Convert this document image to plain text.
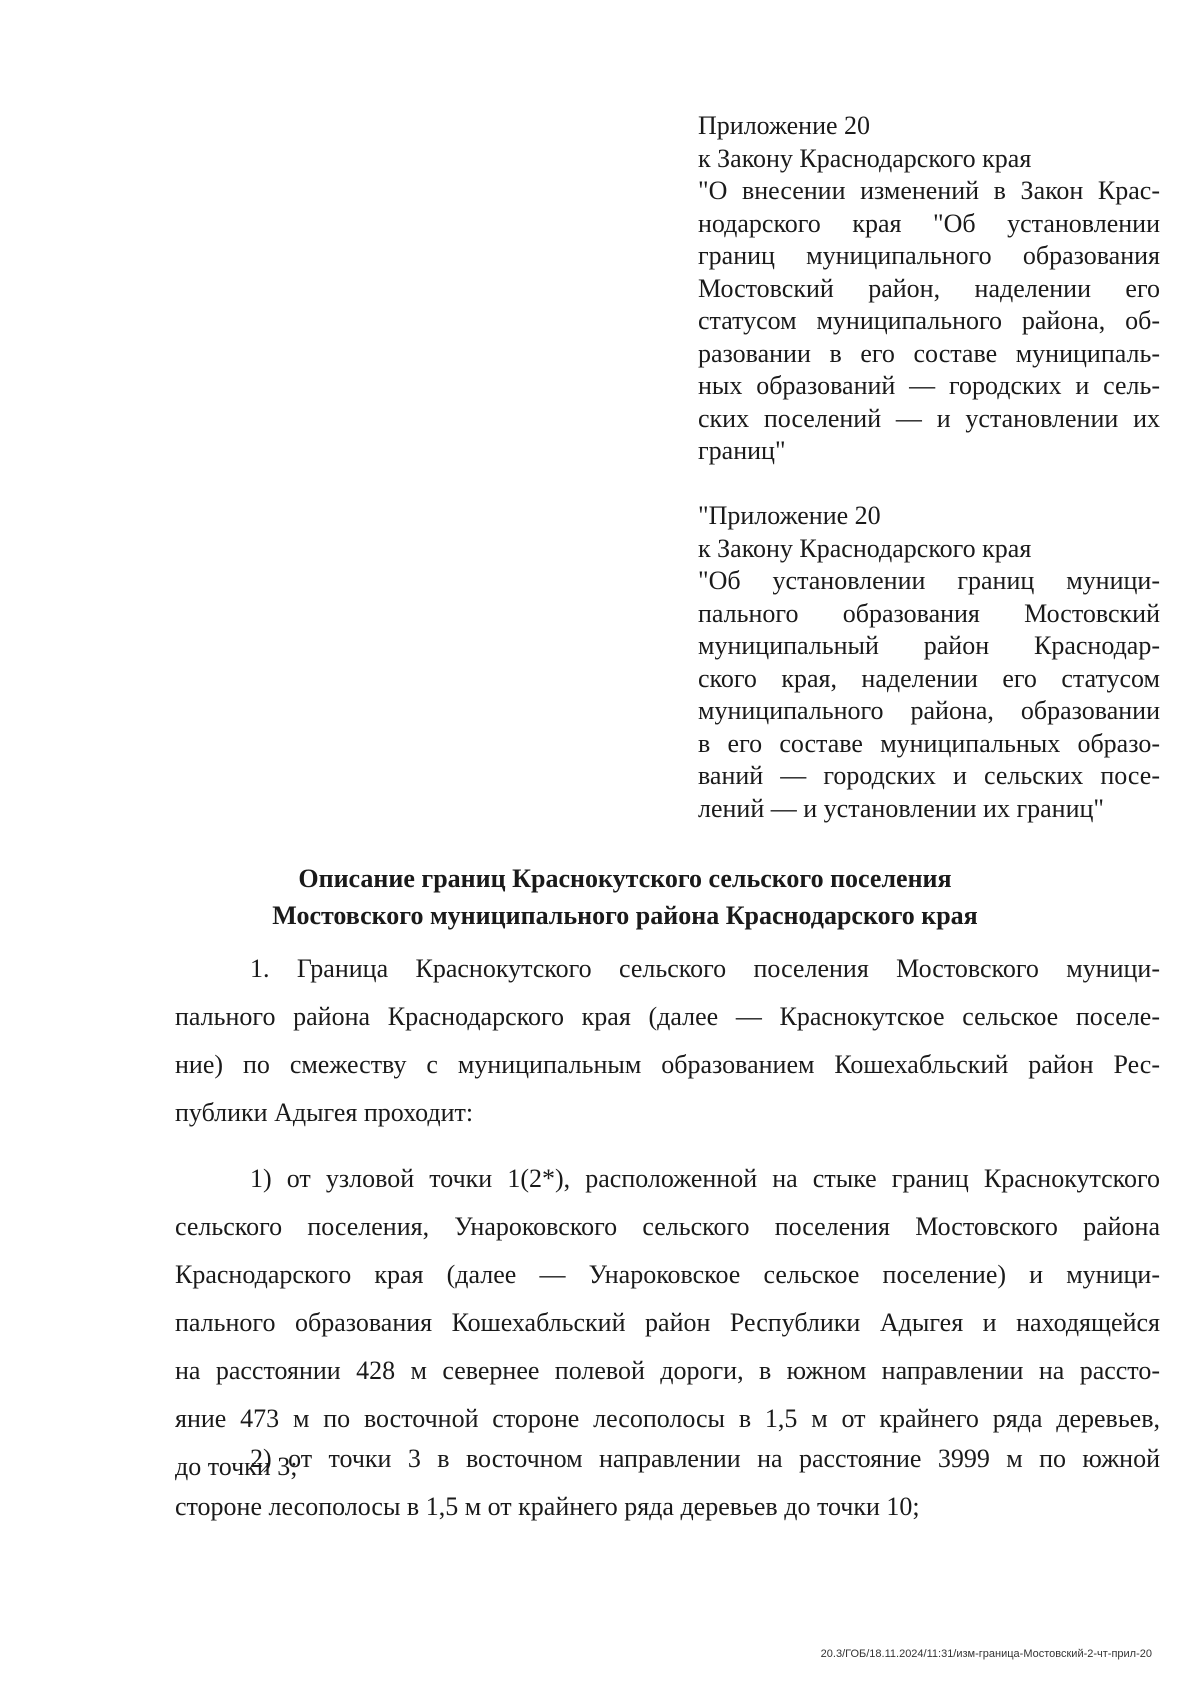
Приложение 20
к Закону Краснодарского края
"О внесении изменений в Закон Крас-
нодарского края "Об установлении
границ муниципального образования
Мостовский район, наделении его
статусом муниципального района, об-
разовании в его составе муниципаль-
ных образований — городских и сель-
ских поселений — и установлении их
границ"
"Приложение 20
к Закону Краснодарского края
"Об установлении границ муници-
пального образования Мостовский
муниципальный район Краснодар-
ского края, наделении его статусом
муниципального района, образовании
в его составе муниципальных образо-
ваний — городских и сельских посе-
лений — и установлении их границ"
Описание границ Краснокутского сельского поселения
Мостовского муниципального района Краснодарского края
1. Граница Краснокутского сельского поселения Мостовского муници-
пального района Краснодарского края (далее — Краснокутское сельское поселе-
ние) по смежеству с муниципальным образованием Кошехабльский район Рес-
публики Адыгея проходит:
1) от узловой точки 1(2*), расположенной на стыке границ Краснокутского
сельского поселения, Унароковского сельского поселения Мостовского района
Краснодарского края (далее — Унароковское сельское поселение) и муници-
пального образования Кошехабльский район Республики Адыгея и находящейся
на расстоянии 428 м севернее полевой дороги, в южном направлении на рассто-
яние 473 м по восточной стороне лесополосы в 1,5 м от крайнего ряда деревьев,
до точки 3;
2) от точки 3 в восточном направлении на расстояние 3999 м по южной
стороне лесополосы в 1,5 м от крайнего ряда деревьев до точки 10;
20.3/ГОБ/18.11.2024/11:31/изм-граница-Мостовский-2-чт-прил-20
